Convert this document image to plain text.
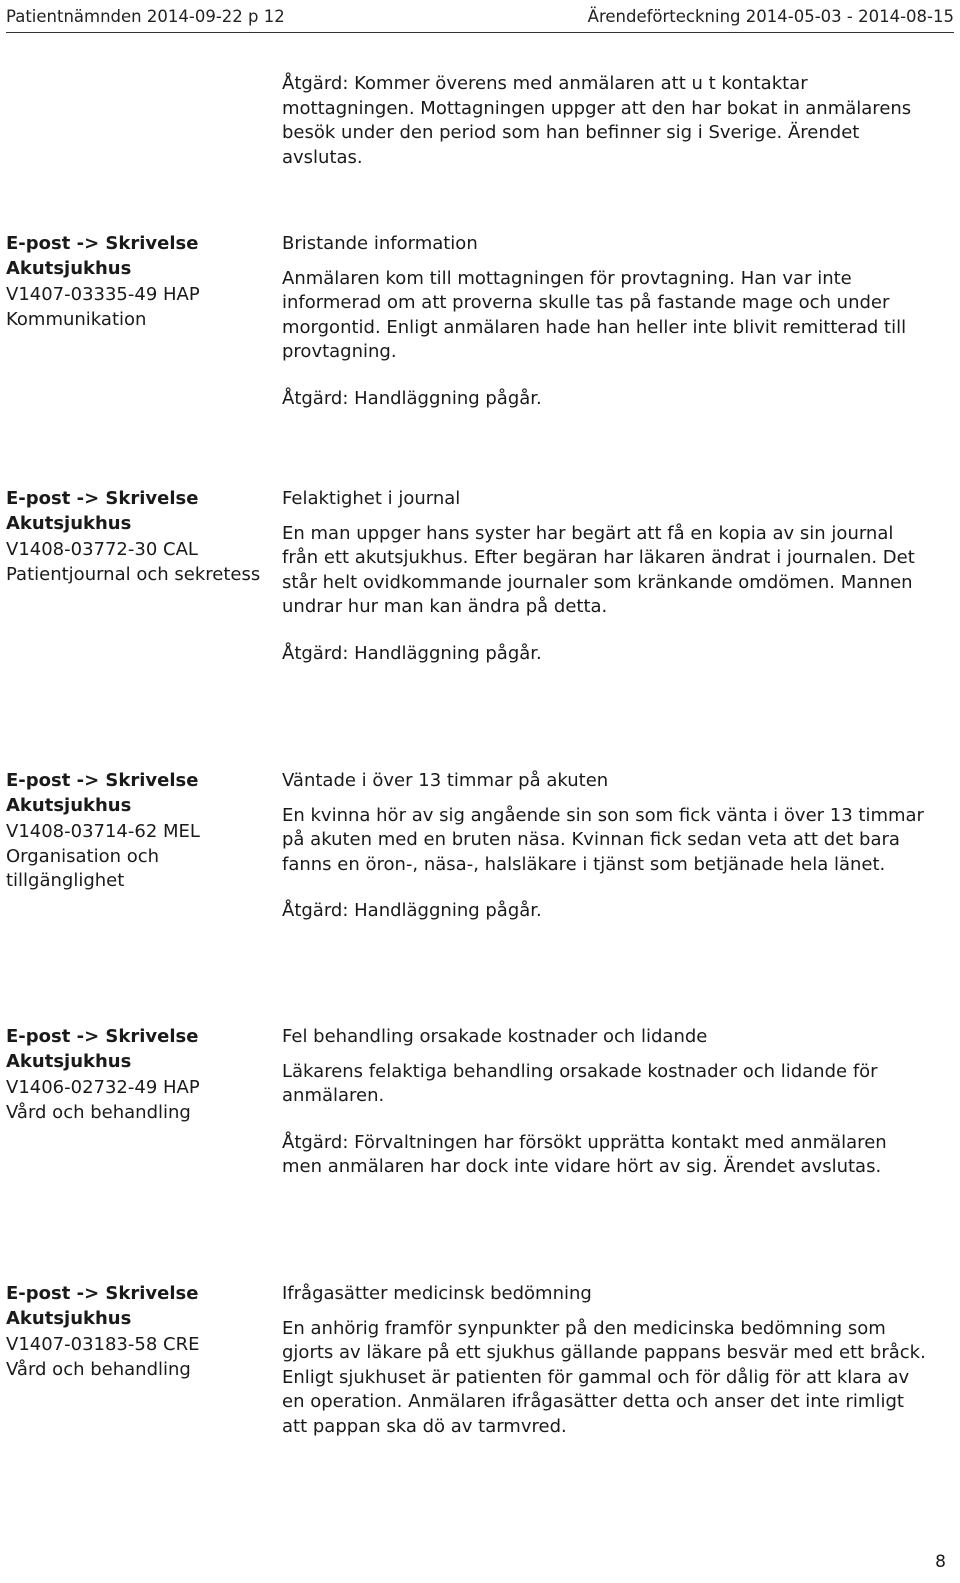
Patientnämnden 2014-09-22 p 12	Ärendeförteckning 2014-05-03 - 2014-08-15
Åtgärd: Kommer överens med anmälaren att u t kontaktar mottagningen. Mottagningen uppger att den har bokat in anmälarens besök under den period som han befinner sig i Sverige. Ärendet avslutas.
E-post -> Skrivelse
Akutsjukhus
V1407-03335-49 HAP
Kommunikation
Bristande information
Anmälaren kom till mottagningen för provtagning. Han var inte informerad om att proverna skulle tas på fastande mage och under morgontid. Enligt anmälaren hade han heller inte blivit remitterad till provtagning.
Åtgärd: Handläggning pågår.
E-post -> Skrivelse
Akutsjukhus
V1408-03772-30 CAL
Patientjournal och sekretess
Felaktighet i journal
En man uppger hans syster har begärt att få en kopia av sin journal från ett akutsjukhus. Efter begäran har läkaren ändrat i journalen. Det står helt ovidkommande journaler som kränkande omdömen. Mannen undrar hur man kan ändra på detta.
Åtgärd: Handläggning pågår.
E-post -> Skrivelse
Akutsjukhus
V1408-03714-62 MEL
Organisation och tillgänglighet
Väntade i över 13 timmar på akuten
En kvinna hör av sig angående sin son som fick vänta i över 13 timmar på akuten med en bruten näsa. Kvinnan fick sedan veta att det bara fanns en öron-, näsa-, halsläkare i tjänst som betjänade hela länet.
Åtgärd: Handläggning pågår.
E-post -> Skrivelse
Akutsjukhus
V1406-02732-49 HAP
Vård och behandling
Fel behandling orsakade kostnader och lidande
Läkarens felaktiga behandling orsakade kostnader och lidande för anmälaren.
Åtgärd: Förvaltningen har försökt upprätta kontakt med anmälaren men anmälaren har dock inte vidare hört av sig. Ärendet avslutas.
E-post -> Skrivelse
Akutsjukhus
V1407-03183-58 CRE
Vård och behandling
Ifrågasätter medicinsk bedömning
En anhörig framför synpunkter på den medicinska bedömning som gjorts av läkare på ett sjukhus gällande pappans besvär med ett bråck. Enligt sjukhuset är patienten för gammal och för dålig för att klara av en operation. Anmälaren ifrågasätter detta och anser det inte rimligt att pappan ska dö av tarmvred.
8
